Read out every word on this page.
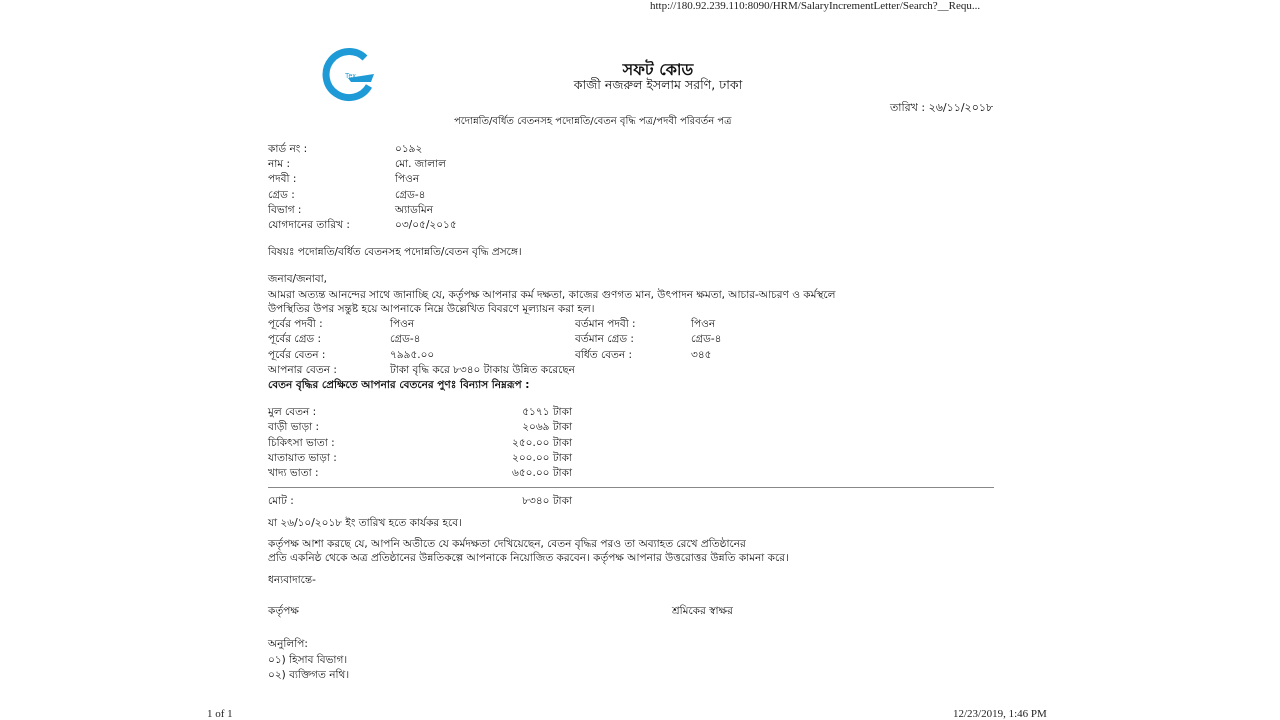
http://180.92.239.110:8090/HRM/SalaryIncrementLetter/Search?__Requ...
Tex	সফট কোড
কাজী নজরুল ইসলাম সরণি, ঢাকা
তারিখ : ২৬/১১/২০১৮
পদোন্নতি/বর্ধিত বেতনসহ পদোন্নতি/বেতন বৃদ্ধি পত্র/পদবী পরিবর্তন পত্র
কার্ড নং :	০১৯২
নাম :	মো. জালাল
পদবী :	পিওন
গ্রেড :	গ্রেড-৪
বিভাগ :	অ্যাডমিন
যোগদানের তারিখ :	০৩/০৫/২০১৫
বিষয়ঃ পদোন্নতি/বর্ধিত বেতনসহ পদোন্নতি/বেতন বৃদ্ধি প্রসঙ্গে।
জনাব/জনাবা,
আমরা অত্যন্ত আনন্দের সাথে জানাচ্ছি যে, কর্তৃপক্ষ আপনার কর্ম দক্ষতা, কাজের গুণগত মান, উৎপাদন ক্ষমতা, আচার-আচরণ ও কর্মস্থলে
উপস্থিতির উপর সন্তুষ্ট হয়ে আপনাকে নিম্নে উল্লেখিত বিবরণে মূল্যায়ন করা হল।
পূর্বের পদবী :	পিওন	বর্তমান পদবী :	পিওন
পূর্বের গ্রেড :	গ্রেড-৪	বর্তমান গ্রেড :	গ্রেড-৪
পূর্বের বেতন :	৭৯৯৫.০০	বর্ধিত বেতন :	৩৪৫
আপনার বেতন :	টাকা বৃদ্ধি করে ৮৩৪০ টাকায় উন্নিত করেছেন
বেতন বৃদ্ধির প্রেক্ষিতে আপনার বেতনের পুণঃ বিন্যাস নিম্নরূপ :
মুল বেতন :	৫১৭১ টাকা
বাড়ী ভাড়া :	২০৬৯ টাকা
চিকিৎসা ভাতা :	২৫০.০০ টাকা
যাতায়াত ভাড়া :	২০০.০০ টাকা
খাদ্য ভাতা :	৬৫০.০০ টাকা
মোট :	৮৩৪০ টাকা
যা ২৬/১০/২০১৮ ইং তারিখ হতে কার্যকর হবে।
কর্তৃপক্ষ আশা করছে যে, আপনি অতীতে যে কর্মদক্ষতা দেখিয়েছেন, বেতন বৃদ্ধির পরও তা অব্যাহত রেখে প্রতিষ্ঠানের
প্রতি একনিষ্ঠ থেকে অত্র প্রতিষ্ঠানের উন্নতিকল্পে আপনাকে নিয়োজিত করবেন। কর্তৃপক্ষ আপনার উত্তরোত্তর উন্নতি কামনা করে।
ধন্যবাদান্তে-
কর্তৃপক্ষ	শ্রমিকের স্বাক্ষর
অনুলিপি:
০১) হিসাব বিভাগ।
০২) ব্যক্তিগত নথি।
1 of 1	12/23/2019, 1:46 PM
